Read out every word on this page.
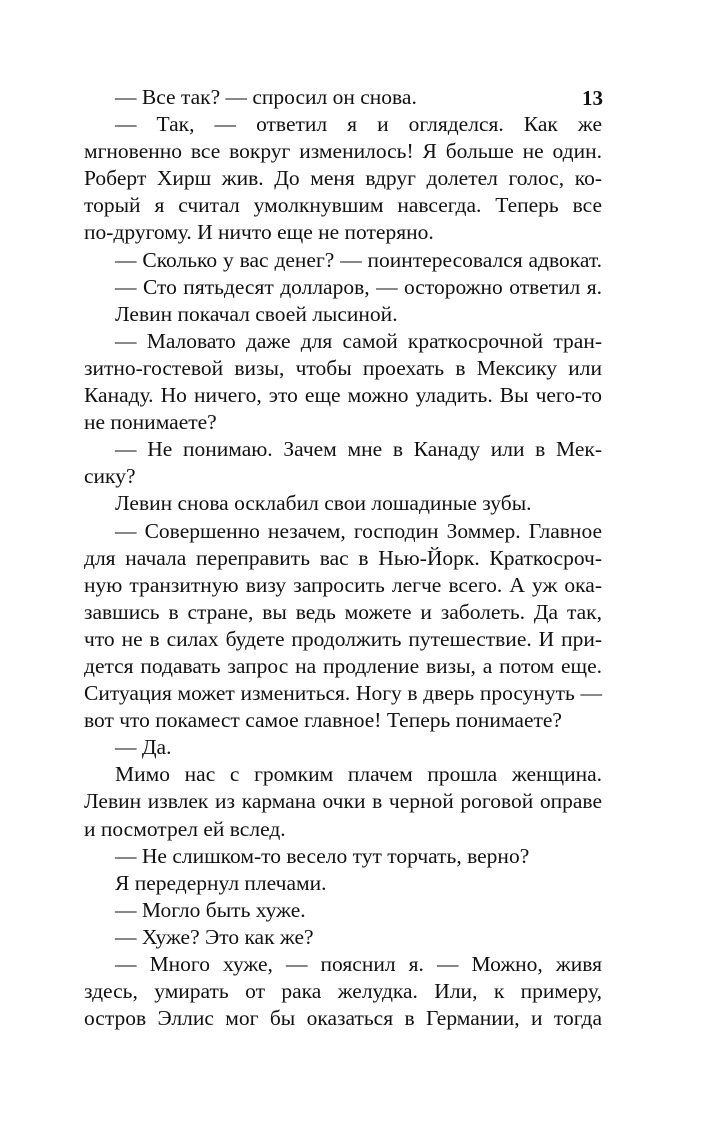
13
— Все так? — спросил он снова.
— Так, — ответил я и огляделся. Как же
мгновенно все вокруг изменилось! Я больше не один.
Роберт Хирш жив. До меня вдруг долетел голос, ко-
торый я считал умолкнувшим навсегда. Теперь все
по-другому. И ничто еще не потеряно.
— Сколько у вас денег? — поинтересовался адвокат.
— Сто пятьдесят долларов, — осторожно ответил я.
Левин покачал своей лысиной.
— Маловато даже для самой краткосрочной тран-
зитно-гостевой визы, чтобы проехать в Мексику или
Канаду. Но ничего, это еще можно уладить. Вы чего-то
не понимаете?
— Не понимаю. Зачем мне в Канаду или в Мек-
сику?
Левин снова осклабил свои лошадиные зубы.
— Совершенно незачем, господин Зоммер. Главное
для начала переправить вас в Нью-Йорк. Краткосроч-
ную транзитную визу запросить легче всего. А уж ока-
завшись в стране, вы ведь можете и заболеть. Да так,
что не в силах будете продолжить путешествие. И при-
дется подавать запрос на продление визы, а потом еще.
Ситуация может измениться. Ногу в дверь просунуть —
вот что покамест самое главное! Теперь понимаете?
— Да.
Мимо нас с громким плачем прошла женщина.
Левин извлек из кармана очки в черной роговой оправе
и посмотрел ей вслед.
— Не слишком-то весело тут торчать, верно?
Я передернул плечами.
— Могло быть хуже.
— Хуже? Это как же?
— Много хуже, — пояснил я. — Можно, живя
здесь, умирать от рака желудка. Или, к примеру,
остров Эллис мог бы оказаться в Германии, и тогда
